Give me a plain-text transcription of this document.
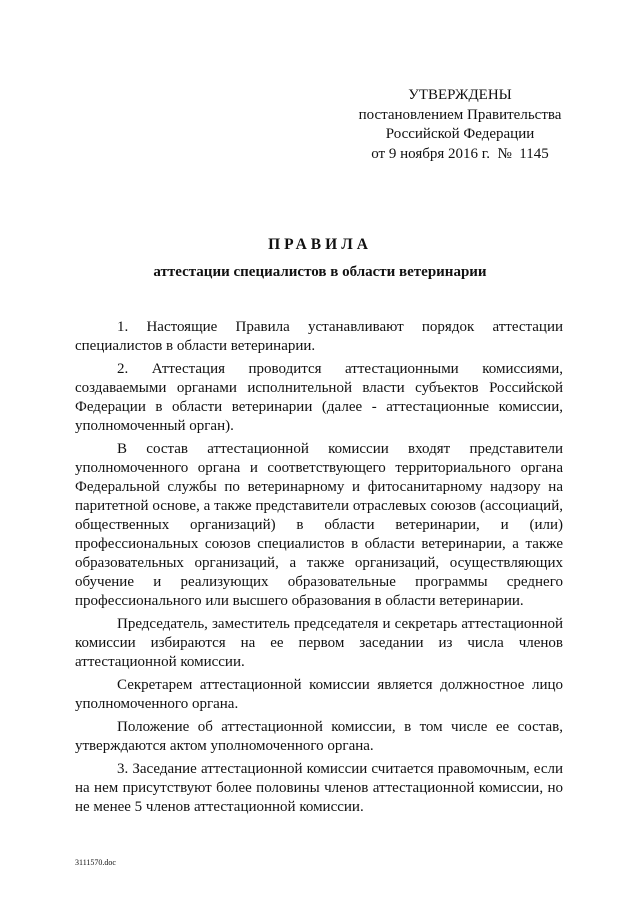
УТВЕРЖДЕНЫ
постановлением Правительства
Российской Федерации
от 9 ноября 2016 г.  №  1145
ПРАВИЛА
аттестации специалистов в области ветеринарии

1. Настоящие Правила устанавливают порядок аттестации специалистов в области ветеринарии.

2. Аттестация проводится аттестационными комиссиями, создаваемыми органами исполнительной власти субъектов Российской Федерации в области ветеринарии (далее - аттестационные комиссии, уполномоченный орган).

В состав аттестационной комиссии входят представители уполномоченного органа и соответствующего территориального органа Федеральной службы по ветеринарному и фитосанитарному надзору на паритетной основе, а также представители отраслевых союзов (ассоциаций, общественных организаций) в области ветеринарии, и (или) профессиональных союзов специалистов в области ветеринарии, а также образовательных организаций, а также организаций, осуществляющих обучение и реализующих образовательные программы среднего профессионального или высшего образования в области ветеринарии.

Председатель, заместитель председателя и секретарь аттестационной комиссии избираются на ее первом заседании из числа членов аттестационной комиссии.

Секретарем аттестационной комиссии является должностное лицо уполномоченного органа.

Положение об аттестационной комиссии, в том числе ее состав, утверждаются актом уполномоченного органа.

3. Заседание аттестационной комиссии считается правомочным, если на нем присутствуют более половины членов аттестационной комиссии, но не менее 5 членов аттестационной комиссии.

3111570.doc
